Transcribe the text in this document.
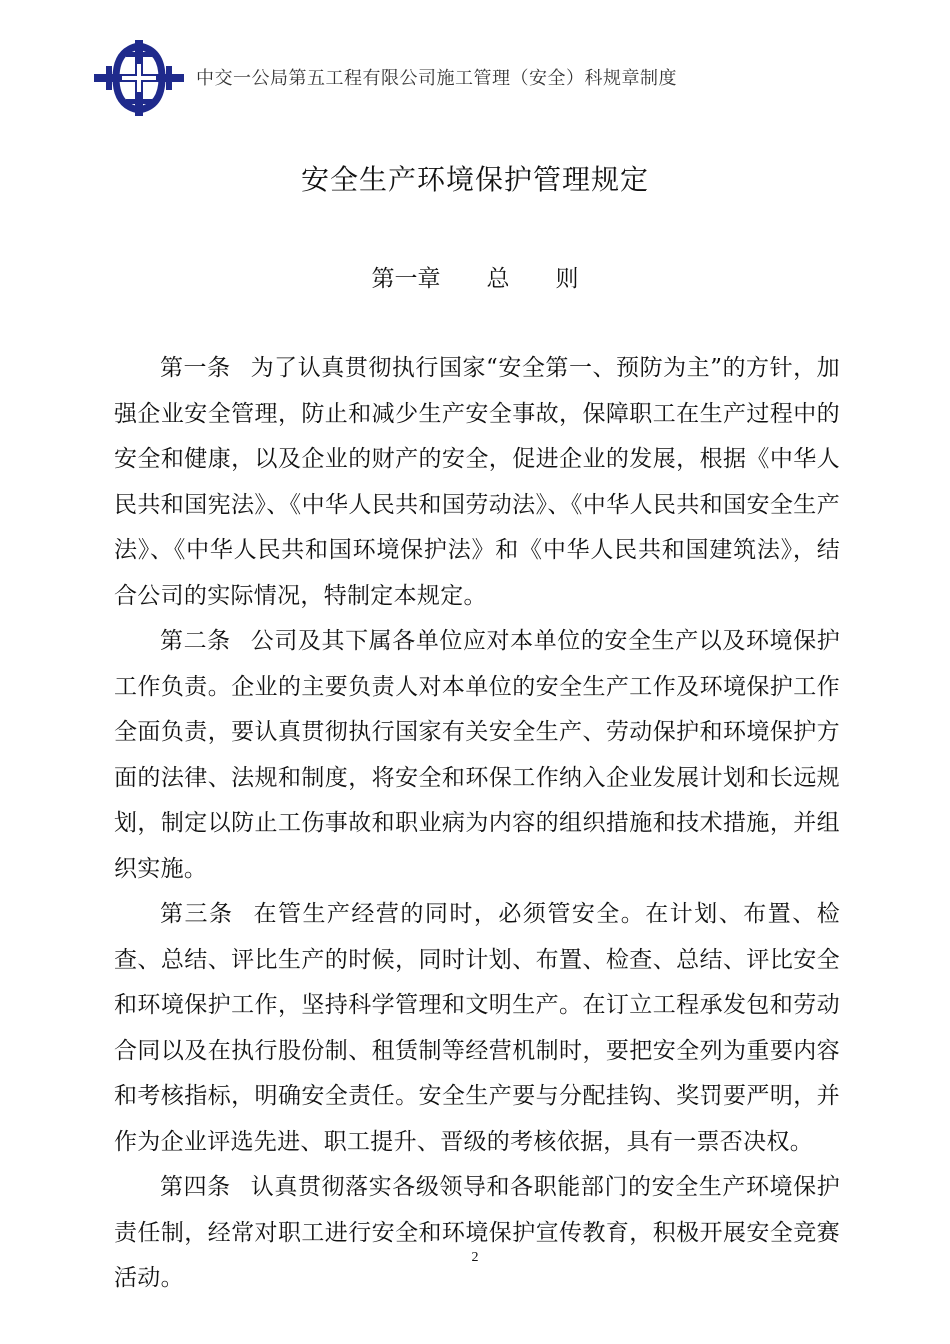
中交一公局第五工程有限公司施工管理（安全）科规章制度
安全生产环境保护管理规定
第一章　　总　　则

第一条 为了认真贯彻执行国家“安全第一、预防为主”的方针，加强企业安全管理，防止和减少生产安全事故，保障职工在生产过程中的安全和健康，以及企业的财产的安全，促进企业的发展，根据《中华人民共和国宪法》、《中华人民共和国劳动法》、《中华人民共和国安全生产法》、《中华人民共和国环境保护法》和《中华人民共和国建筑法》，结合公司的实际情况，特制定本规定。

第二条 公司及其下属各单位应对本单位的安全生产以及环境保护工作负责。企业的主要负责人对本单位的安全生产工作及环境保护工作全面负责，要认真贯彻执行国家有关安全生产、劳动保护和环境保护方面的法律、法规和制度，将安全和环保工作纳入企业发展计划和长远规划，制定以防止工伤事故和职业病为内容的组织措施和技术措施，并组织实施。

第三条 在管生产经营的同时，必须管安全。在计划、布置、检查、总结、评比生产的时候，同时计划、布置、检查、总结、评比安全和环境保护工作，坚持科学管理和文明生产。在订立工程承发包和劳动合同以及在执行股份制、租赁制等经营机制时，要把安全列为重要内容和考核指标，明确安全责任。安全生产要与分配挂钩、奖罚要严明，并作为企业评选先进、职工提升、晋级的考核依据，具有一票否决权。

第四条 认真贯彻落实各级领导和各职能部门的安全生产环境保护责任制，经常对职工进行安全和环境保护宣传教育，积极开展安全竞赛活动。

2
